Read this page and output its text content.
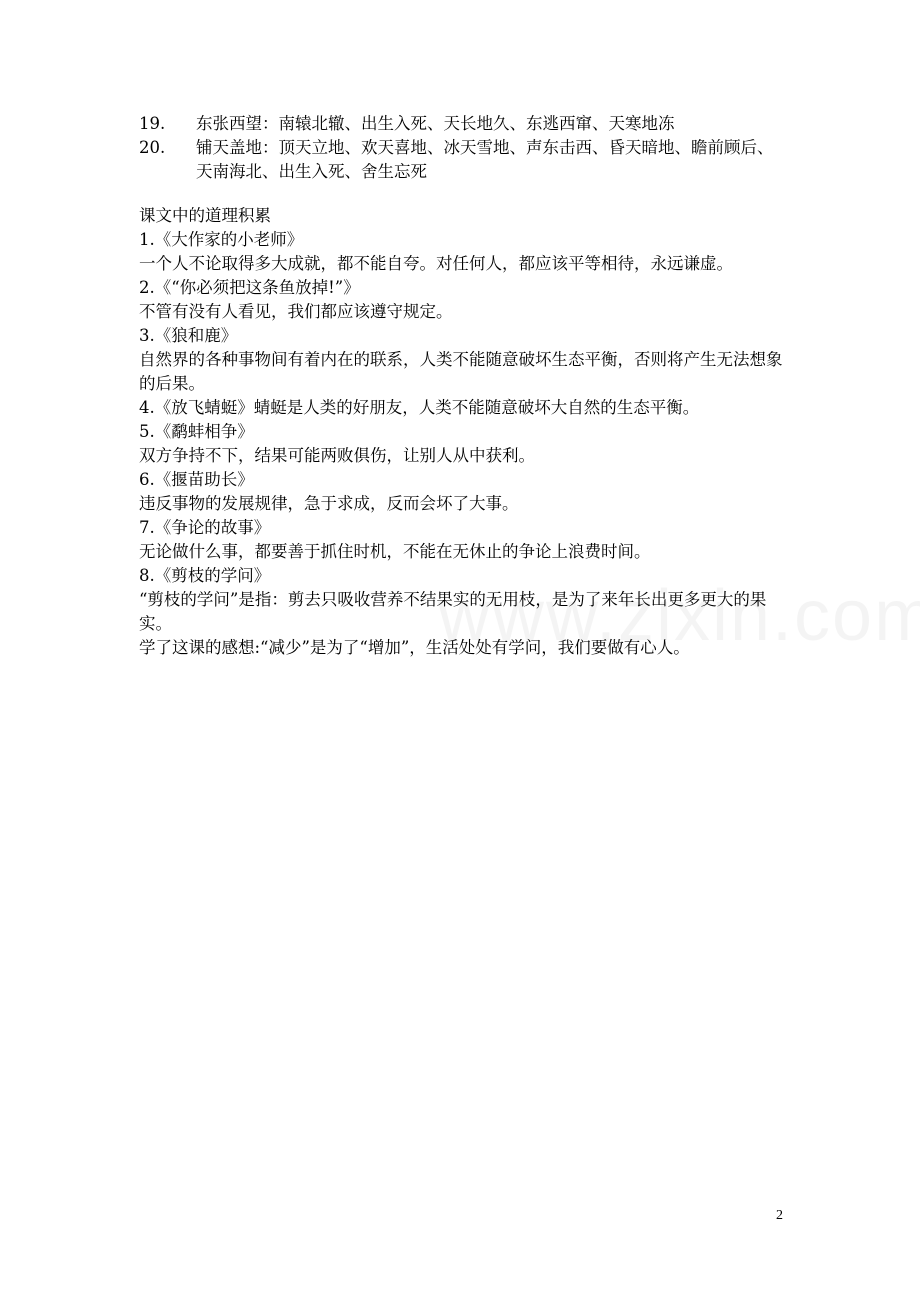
19.	东张西望：南辕北辙、出生入死、天长地久、东逃西窜、天寒地冻
20.	铺天盖地：顶天立地、欢天喜地、冰天雪地、声东击西、昏天暗地、瞻前顾后、天南海北、出生入死、舍生忘死
课文中的道理积累
1.《大作家的小老师》
一个人不论取得多大成就，都不能自夸。对任何人，都应该平等相待，永远谦虚。
2.《“你必须把这条鱼放掉!”》
不管有没有人看见，我们都应该遵守规定。
3.《狼和鹿》
自然界的各种事物间有着内在的联系，人类不能随意破坏生态平衡，否则将产生无法想象的后果。
4.《放飞蜻蜓》蜻蜓是人类的好朋友，人类不能随意破坏大自然的生态平衡。
5.《鹬蚌相争》
双方争持不下，结果可能两败俱伤，让别人从中获利。
6.《揠苗助长》
违反事物的发展规律，急于求成，反而会坏了大事。
7.《争论的故事》
无论做什么事，都要善于抓住时机，不能在无休止的争论上浪费时间。
8.《剪枝的学问》
“剪枝的学问”是指：剪去只吸收营养不结果实的无用枝，是为了来年长出更多更大的果实。
学了这课的感想:“减少”是为了“增加”，生活处处有学问，我们要做有心人。
2
